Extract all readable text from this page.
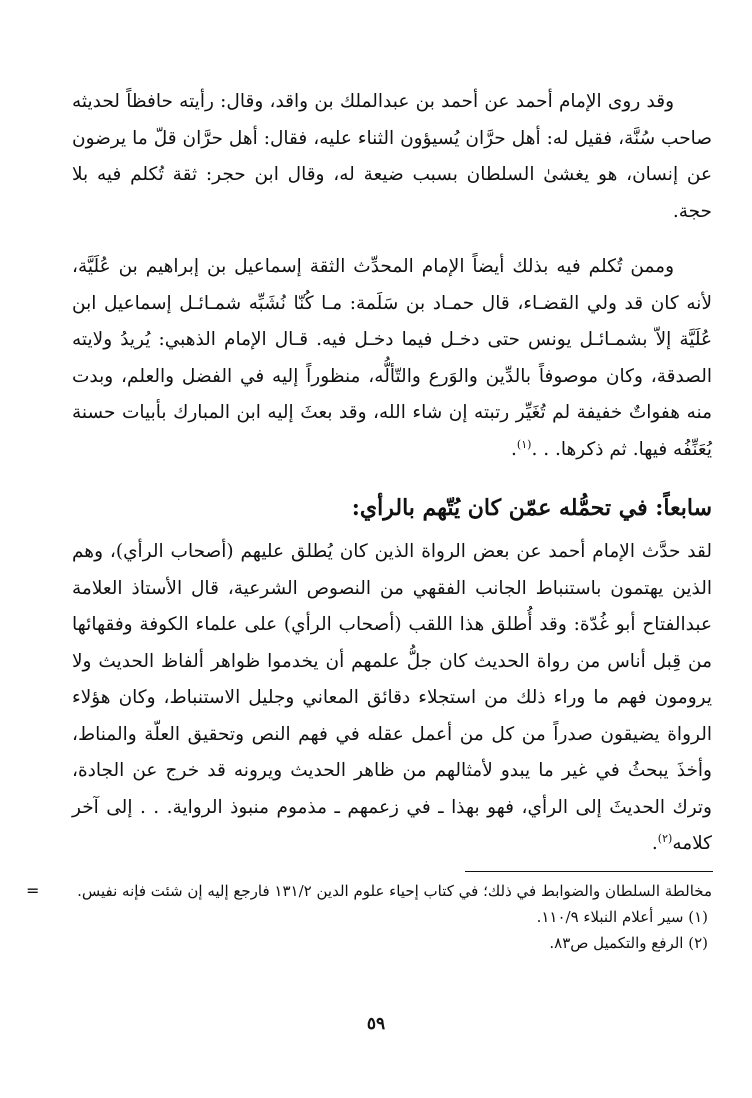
وقد روى الإمام أحمد عن أحمد بن عبدالملك بن واقد، وقال: رأيته حافظاً لحديثه صاحب سُنَّة، فقيل له: أهل حرَّان يُسيؤون الثناء عليه، فقال: أهل حرَّان قلّ ما يرضون عن إنسان، هو يغشىٰ السلطان بسبب ضيعة له، وقال ابن حجر: ثقة تُكلم فيه بلا حجة.

وممن تُكلم فيه بذلك أيضاً الإمام المحدِّث الثقة إسماعيل بن إبراهيم بن عُلَيَّة، لأنه كان قد ولي القضـاء، قال حمـاد بن سَلَمة: مـا كُنّا نُشَبِّه شمـائـل إسماعيل ابن عُلَيَّة إلاّ بشمـائـل يونس حتى دخـل فيما دخـل فيه. قـال الإمام الذهبي: يُريدُ ولايته الصدقة، وكان موصوفاً بالدِّين والوَرع والتّألُّه، منظوراً إليه في الفضل والعلم، وبدت منه هفواتٌ خفيفة لم تُغَيِّر رتبته إن شاء الله، وقد بعثَ إليه ابن المبارك بأبيات حسنة يُعَنِّفُه فيها. ثم ذكرها. . .$^{(١)}$.

سابعاً: في تحمُّله عمّن كان يُتّهم بالرأي:

لقد حدَّث الإمام أحمد عن بعض الرواة الذين كان يُطلق عليهم (أصحاب الرأي)، وهم الذين يهتمون باستنباط الجانب الفقهي من النصوص الشرعية، قال الأستاذ العلامة عبدالفتاح أبو غُدّة: وقد أُطلق هذا اللقب (أصحاب الرأي) على علماء الكوفة وفقهائها من قِبل أناس من رواة الحديث كان جلُّ علمهم أن يخدموا ظواهر ألفاظ الحديث ولا يرومون فهم ما وراء ذلك من استجلاء دقائق المعاني وجليل الاستنباط، وكان هؤلاء الرواة يضيقون صدراً من كل من أعمل عقله في فهم النص وتحقيق العلّة والمناط، وأخذَ يبحثُ في غير ما يبدو لأمثالهم من ظاهر الحديث ويرونه قد خرج عن الجادة، وترك الحديثَ إلى الرأي، فهو بهذا ـ في زعمهم ـ مذموم منبوذ الرواية. . . إلى آخر كلامه$^{(٢)}$.

=	مخالطة السلطان والضوابط في ذلك؛ في كتاب إحياء علوم الدين ١٣١/٢ فارجع إليه إن شئت فإنه نفيس.

(١) سير أعلام النبلاء ١١٠/٩.

(٢) الرفع والتكميل ص٨٣.

٥٩
